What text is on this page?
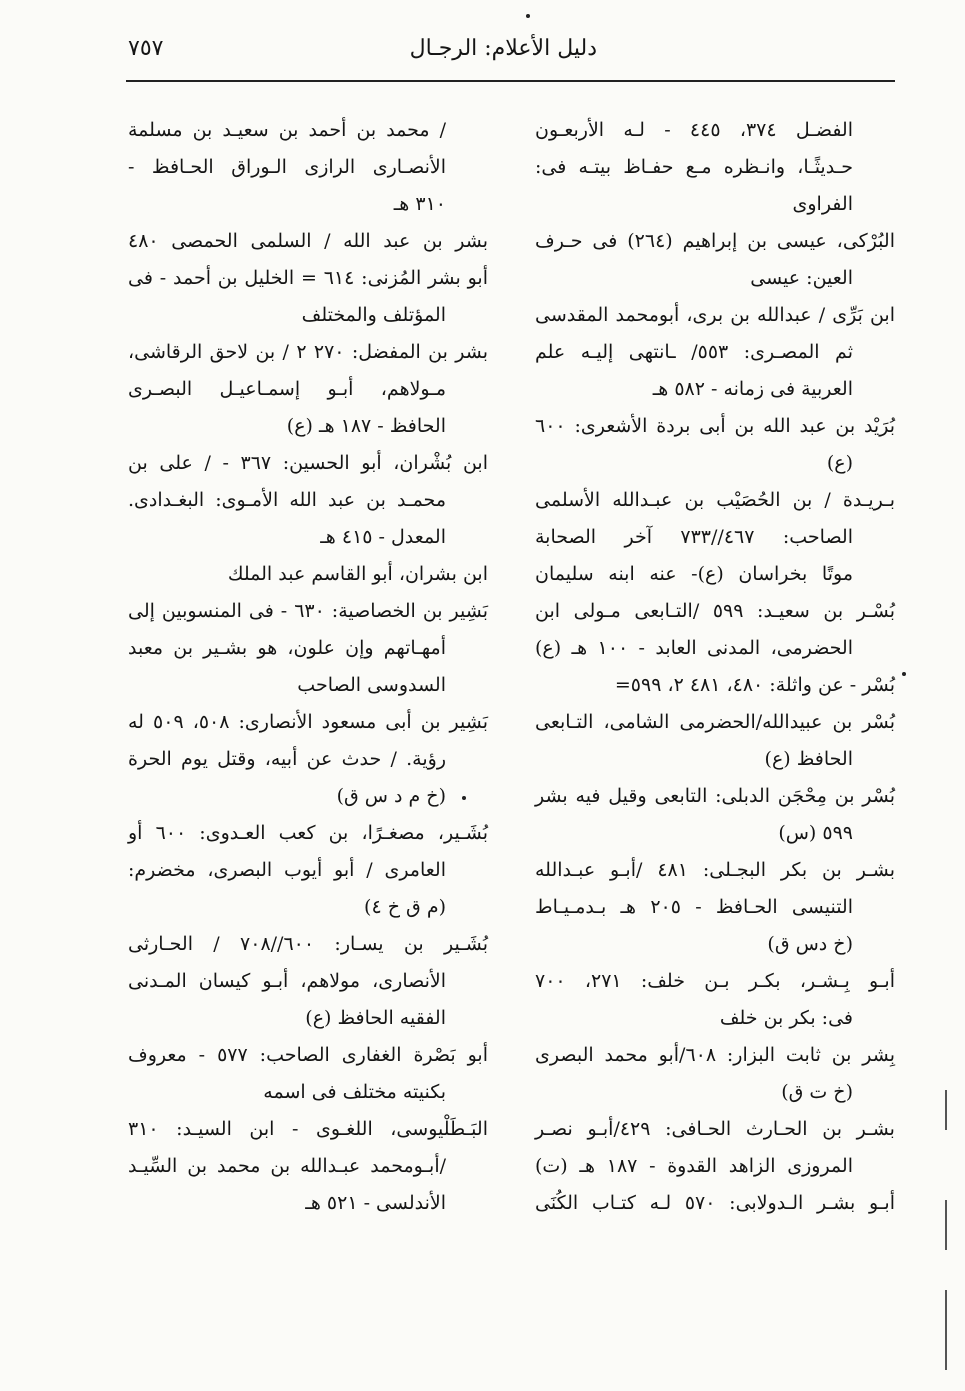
٧٥٧	دليل الأعلام: الرجـال
الفضـل ٣٧٤، ٤٤٥ - لـه الأربعـون
حـديثًـا، وانـظره مـع حفـاظ بيتـه فى:
الفراوى
البُرْكى، عيسى بن إبراهيم (٢٦٤) فى حـرف
العين: عيسى
ابن بَرِّى / عبدالله بن برى، أبومحمد المقدسى
ثم المصـرى: ٥٥٣/ ـانتهى إليـه علم
العربية فى زمانه - ٥٨٢ هـ
بُرَيْد بن عبد الله بن أبى بردة الأشعرى: ٦٠٠
(ع)
بـريـدة / بن الحُصَيْب بن عبـدالله الأسلمى
الصاحب: ٤٦٧//٧٣٣ آخر الصحابة
موتًا بخراسان (ع)- عنه ابنه سليمان
بُسْـر بن سعيـد: ٥٩٩ /التـابعى مـولى ابن
الحضرمى، المدنى العابد - ١٠٠ هـ (ع)
بُسْر - عن واثلة: ٤٨٠، ٤٨١ ٢، ٥٩٩=
بُسْر بن عبيدالله/الحضرمى الشامى، التـابعى
الحافظ (ع)
بُسْر بن مِحْجَن الدبلى: التابعى وقيل فيه بشر
٥٩٩ (س)
بشـر بن بكر البجـلى: ٤٨١ /أبـو عبـدالله
التنيسى الحـافظ - ٢٠٥ هـ بـدمـيـاط
(خ دس ق)
أبـو بِـشـر، بكـر بـن خلف: ٢٧١، ٧٠٠
فى: بكر بن خلف
بِشر بن ثابت البزار: ٦٠٨/أبو محمد البصرى
(خ ت ق)
بشـر بن الحـارث الحـافى: ٤٢٩/أبـو نصـر
المروزى الزاهد القدوة - ١٨٧ هـ (ت)
أبـو بشـر الـدولابى: ٥٧٠ لـه كتـاب الكُنَى
/ محمد بن أحمد بن سعيـد بن مسلمة
الأنصـارى الرازى الـوراق الحـافظ -
٣١٠ هـ
بشر بن عبد الله / السلمى الحمصى ٤٨٠
أبو بشر المُزنى: ٦١٤ = الخليل بن أحمد - فى
المؤتلف والمختلف
بشر بن المفضل: ٢٧٠ ٢ / بن لاحق الرقاشى،
مـولاهم، أبـو إسمـاعيـل البصـرى
الحافظ - ١٨٧ هـ (ع)
ابن بُشْران، أبو الحسين: ٣٦٧ - / على بن
محمـد بن عبد الله الأمـوى: البغـدادى.
المعدل - ٤١٥ هـ
ابن بشران، أبو القاسم عبد الملك
بَشِير بن الخصاصية: ٦٣٠ - فى المنسوبين إلى
أمهـاتهم وإن علون، هو بشـير بن معبد
السدوسى الصاحب
بَشِير بن أبى مسعود الأنصارى: ٥٠٨، ٥٠٩ له
رؤية. / حدث عن أبيه، وقتل يوم الحرة
(خ م د س ق)
بُشَـير، مصغـرًا، بن كعب العـدوى: ٦٠٠ أو
العامرى / أبو أيوب البصرى، مخضرم:
(م ق خ ٤)
بُشَـير بن يسـار: ٦٠٠//٧٠٨ / الحـارثى
الأنصارى، مولاهم، أبـو كيسان المـدنى
الفقيه الحافظ (ع)
أبو بَصْرة الغفارى الصاحب: ٥٧٧ - معروف
بكنيته مختلف فى اسمه
البَـطَلْيوسى، اللغـوى - ابن السيـد: ٣١٠
/أبـومحمد عبـدالله بن محمد بن السِّيـد
الأندلسى - ٥٢١ هـ
